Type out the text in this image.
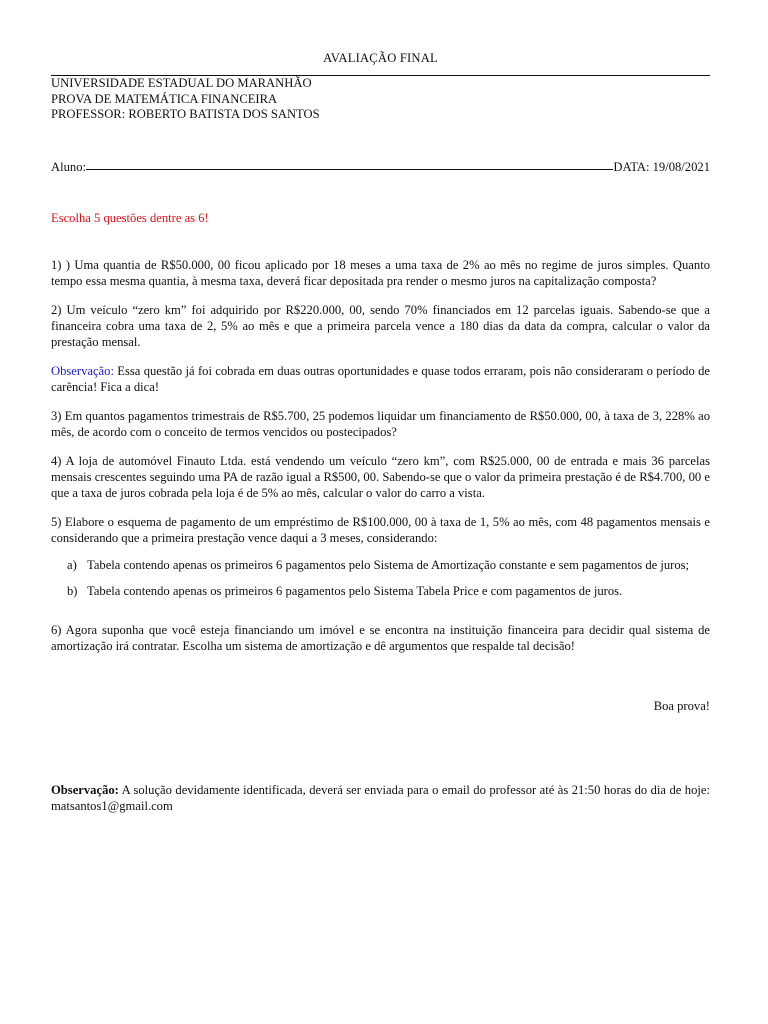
AVALIAÇÃO FINAL
UNIVERSIDADE ESTADUAL DO MARANHÃO
PROVA DE MATEMÁTICA FINANCEIRA
PROFESSOR: ROBERTO BATISTA DOS SANTOS
Aluno:	DATA: 19/08/2021
Escolha 5 questões dentre as 6!
1) ) Uma quantia de R$50.000, 00 ficou aplicado por 18 meses a uma taxa de 2% ao mês no regime de juros simples. Quanto tempo essa mesma quantia, à mesma taxa, deverá ficar depositada pra render o mesmo juros na capitalização composta?
2) Um veículo “zero km” foi adquirido por R$220.000, 00, sendo 70% financiados em 12 parcelas iguais. Sabendo-se que a financeira cobra uma taxa de 2, 5% ao mês e que a primeira parcela vence a 180 dias da data da compra, calcular o valor da prestação mensal.
Observação: Essa questão já foi cobrada em duas outras oportunidades e quase todos erraram, pois não consideraram o período de carência! Fica a dica!
3) Em quantos pagamentos trimestrais de R$5.700, 25 podemos liquidar um financiamento de R$50.000, 00, à taxa de 3, 228% ao mês, de acordo com o conceito de termos vencidos ou postecipados?
4) A loja de automóvel Finauto Ltda. está vendendo um veículo “zero km”, com R$25.000, 00 de entrada e mais 36 parcelas mensais crescentes seguindo uma PA de razão igual a R$500, 00. Sabendo-se que o valor da primeira prestação é de R$4.700, 00 e que a taxa de juros cobrada pela loja é de 5% ao mês, calcular o valor do carro a vista.
5) Elabore o esquema de pagamento de um empréstimo de R$100.000, 00 à taxa de 1, 5% ao mês, com 48 pagamentos mensais e considerando que a primeira prestação vence daqui a 3 meses, considerando:
a) Tabela contendo apenas os primeiros 6 pagamentos pelo Sistema de Amortização constante e sem pagamentos de juros;
b) Tabela contendo apenas os primeiros 6 pagamentos pelo Sistema Tabela Price e com pagamentos de juros.
6) Agora suponha que você esteja financiando um imóvel e se encontra na instituição financeira para decidir qual sistema de amortização irá contratar. Escolha um sistema de amortização e dê argumentos que respalde tal decisão!
Boa prova!
Observação: A solução devidamente identificada, deverá ser enviada para o email do professor até às 21:50 horas do dia de hoje: matsantos1@gmail.com
